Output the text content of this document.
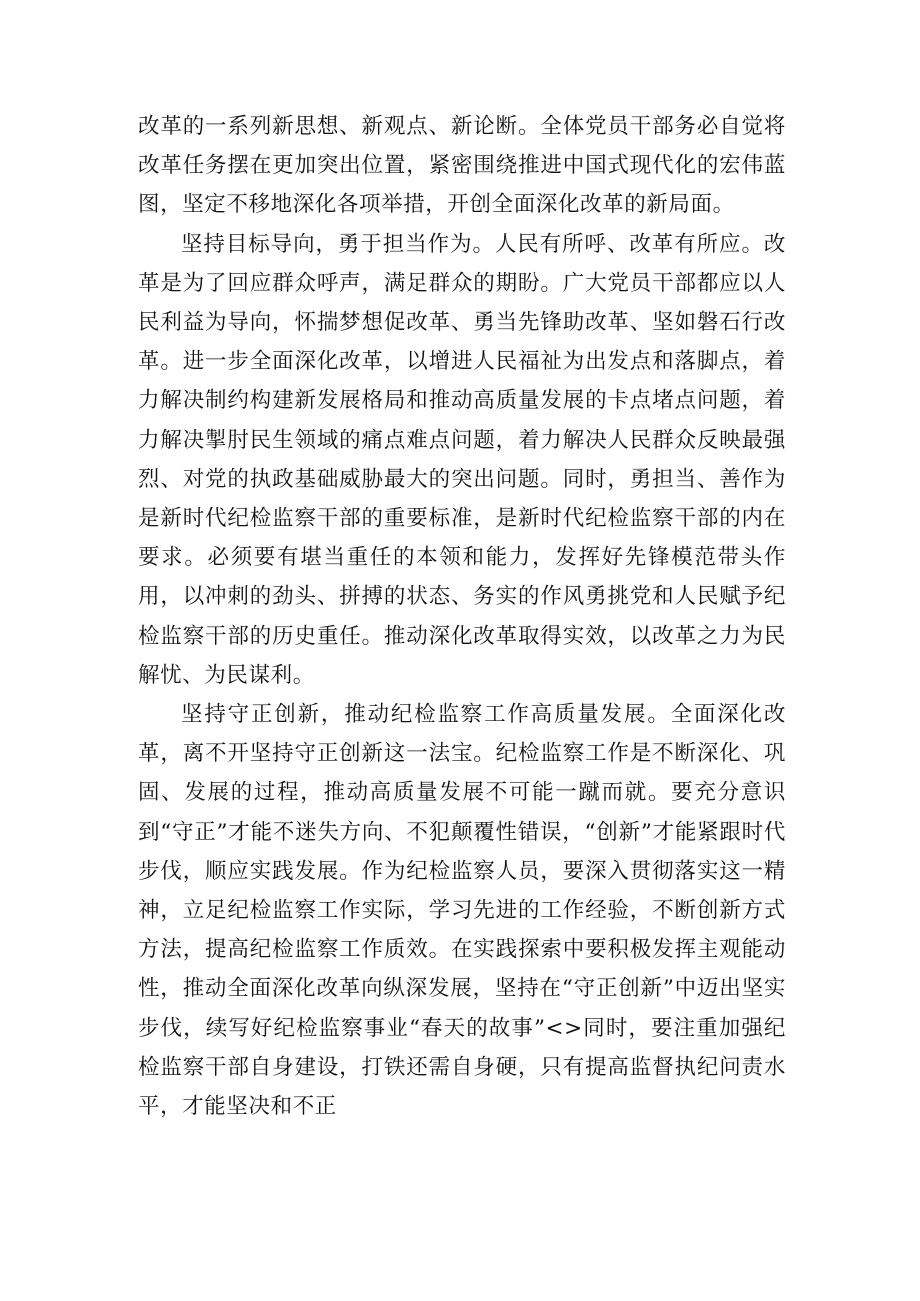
改革的一系列新思想、新观点、新论断。全体党员干部务必自觉将改革任务摆在更加突出位置，紧密围绕推进中国式现代化的宏伟蓝图，坚定不移地深化各项举措，开创全面深化改革的新局面。

坚持目标导向，勇于担当作为。人民有所呼、改革有所应。改革是为了回应群众呼声，满足群众的期盼。广大党员干部都应以人民利益为导向，怀揣梦想促改革、勇当先锋助改革、坚如磐石行改革。进一步全面深化改革，以增进人民福祉为出发点和落脚点，着力解决制约构建新发展格局和推动高质量发展的卡点堵点问题，着力解决掣肘民生领域的痛点难点问题，着力解决人民群众反映最强烈、对党的执政基础威胁最大的突出问题。同时，勇担当、善作为是新时代纪检监察干部的重要标准，是新时代纪检监察干部的内在要求。必须要有堪当重任的本领和能力，发挥好先锋模范带头作用，以冲刺的劲头、拼搏的状态、务实的作风勇挑党和人民赋予纪检监察干部的历史重任。推动深化改革取得实效，以改革之力为民解忧、为民谋利。

坚持守正创新，推动纪检监察工作高质量发展。全面深化改革，离不开坚持守正创新这一法宝。纪检监察工作是不断深化、巩固、发展的过程，推动高质量发展不可能一蹴而就。要充分意识到“守正”才能不迷失方向、不犯颠覆性错误，“创新”才能紧跟时代步伐，顺应实践发展。作为纪检监察人员，要深入贯彻落实这一精神，立足纪检监察工作实际，学习先进的工作经验，不断创新方式方法，提高纪检监察工作质效。在实践探索中要积极发挥主观能动性，推动全面深化改革向纵深发展，坚持在“守正创新”中迈出坚实步伐，续写好纪检监察事业“春天的故事”<>同时，要注重加强纪检监察干部自身建设，打铁还需自身硬，只有提高监督执纪问责水平，才能坚决和不正
